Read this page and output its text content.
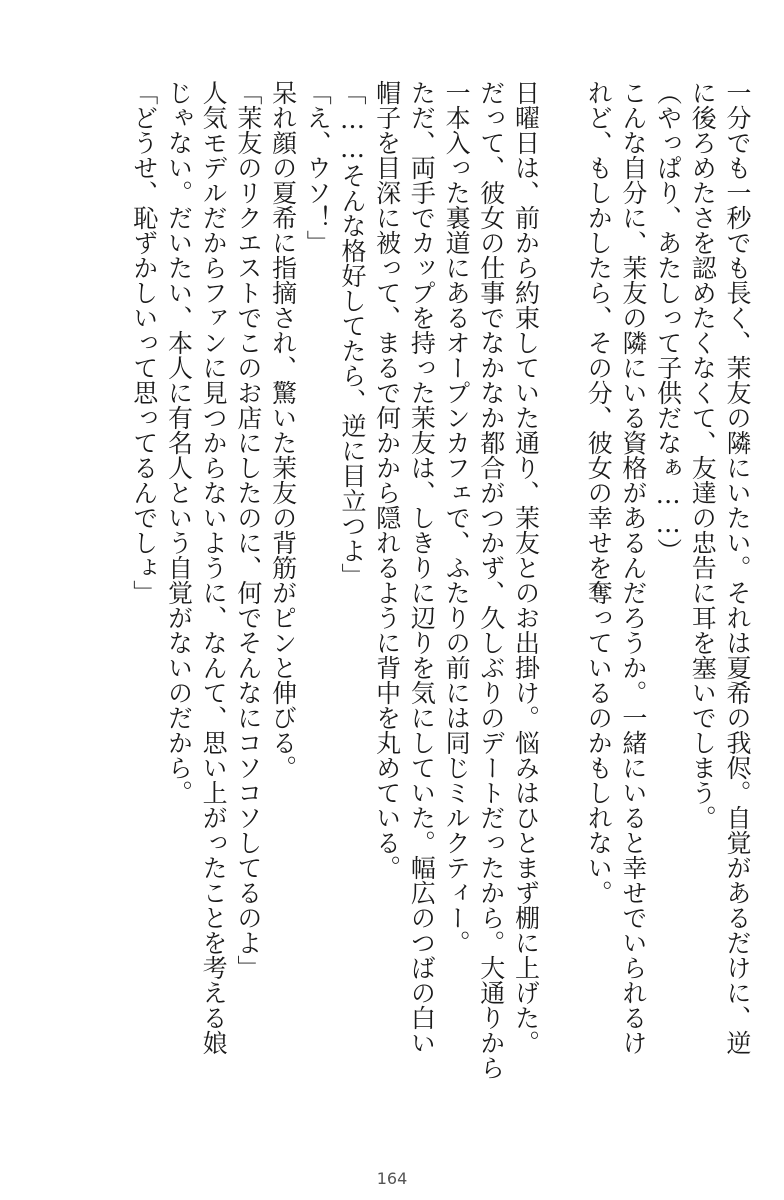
一分でも一秒でも長く、茉友の隣にいたい。それは夏希の我侭。自覚があるだけに、逆
に後ろめたさを認めたくなくて、友達の忠告に耳を塞いでしまう。
（やっぱり、あたしって子供だなぁ……）
こんな自分に、茉友の隣にいる資格があるんだろうか。一緒にいると幸せでいられるけ
れど、もしかしたら、その分、彼女の幸せを奪っているのかもしれない。
日曜日は、前から約束していた通り、茉友とのお出掛け。悩みはひとまず棚に上げた。
だって、彼女の仕事でなかなか都合がつかず、久しぶりのデートだったから。大通りから
一本入った裏道にあるオープンカフェで、ふたりの前には同じミルクティー。
ただ、両手でカップを持った茉友は、しきりに辺りを気にしていた。幅広のつばの白い
帽子を目深に被って、まるで何かから隠れるように背中を丸めている。
「……そんな格好してたら、逆に目立つよ」
「え、ウソ！」
呆れ顔の夏希に指摘され、驚いた茉友の背筋がピンと伸びる。
「茉友のリクエストでこのお店にしたのに、何でそんなにコソコソしてるのよ」
人気モデルだからファンに見つからないように、なんて、思い上がったことを考える娘
じゃない。だいたい、本人に有名人という自覚がないのだから。
「どうせ、恥ずかしいって思ってるんでしょ」
164
